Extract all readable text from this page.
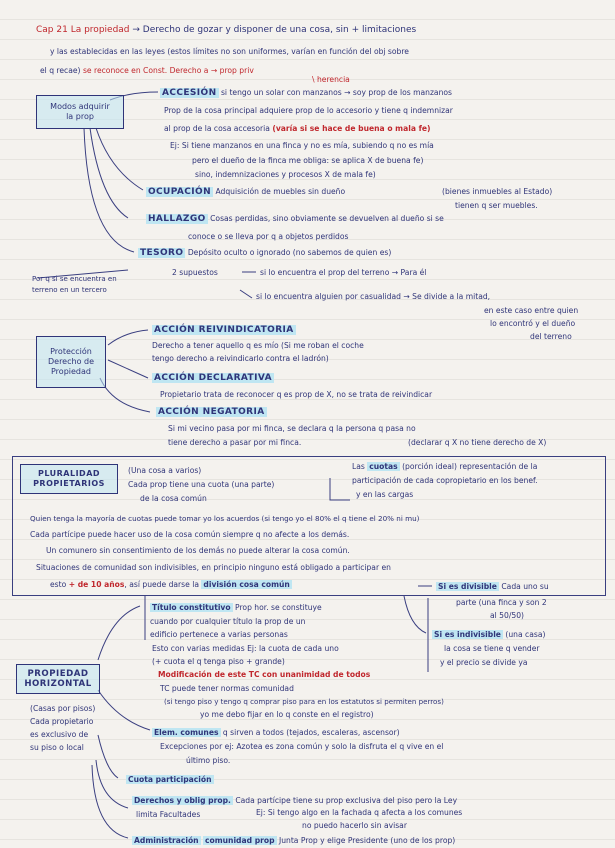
Cap 21 La propiedad → Derecho de gozar y disponer de una cosa, sin + limitaciones
y las establecidas en las leyes (estos límites no son uniformes, varían en función del obj sobre
el q recae) se reconoce en Const. Derecho a → prop priv
\ herencia
Modos adquirir
la prop
ACCESIÓN si tengo un solar con manzanos → soy prop de los manzanos
Prop de la cosa principal adquiere prop de lo accesorio y tiene q indemnizar
al prop de la cosa accesoria (varía si se hace de buena o mala fe)
Ej: Si tiene manzanos en una finca y no es mía, subiendo q no es mía
pero el dueño de la finca me obliga: se aplica X de buena fe)
sino, indemnizaciones y procesos X de mala fe)
OCUPACIÓN Adquisición de muebles sin dueño	(bienes inmuebles al Estado)
tienen q ser muebles.
HALLAZGO Cosas perdidas, sino obviamente se devuelven al dueño si se
conoce o se lleva por q a objetos perdidos
TESORO Depósito oculto o ignorado (no sabemos de quien es)
Por q si se encuentra en
terreno en un tercero
2 supuestos	si lo encuentra el prop del terreno → Para él
si lo encuentra alguien por casualidad → Se divide a la mitad,
en este caso entre quien
lo encontró y el dueño
del terreno
Protección
Derecho de
Propiedad
ACCIÓN REIVINDICATORIA
Derecho a tener aquello q es mío (Si me roban el coche
tengo derecho a reivindicarlo contra el ladrón)
ACCIÓN DECLARATIVA
Propietario trata de reconocer q es prop de X, no se trata de reivindicar
ACCIÓN NEGATORIA
Si mi vecino pasa por mi finca, se declara q la persona q pasa no
tiene derecho a pasar por mi finca.	(declarar q X no tiene derecho de X)
PLURALIDAD
PROPIETARIOS
(Una cosa a varios)
Cada prop tiene una cuota (una parte)
de la cosa común
Las cuotas (porción ideal) representación de la
participación de cada copropietario en los benef.
y en las cargas
Quien tenga la mayoría de cuotas puede tomar yo los acuerdos (si tengo yo el 80% el q tiene el 20% ni mu)
Cada partícipe puede hacer uso de la cosa común siempre q no afecte a los demás.
Un comunero sin consentimiento de los demás no puede alterar la cosa común.
Situaciones de comunidad son indivisibles, en principio ninguno está obligado a participar en
esto + de 10 años, así puede darse la división cosa común	Si es divisible Cada uno su
parte (una finca y son 2
al 50/50)
Si es indivisible (una casa)
la cosa se tiene q vender
y el precio se divide ya
PROPIEDAD
HORIZONTAL
(Casas por pisos)
Cada propietario
es exclusivo de
su piso o local
Título constitutivo Prop hor. se constituye
cuando por cualquier título la prop de un
edificio pertenece a varias personas
Esto con varias medidas Ej: la cuota de cada uno
(+ cuota el q tenga piso + grande)
Modificación de este TC con unanimidad de todos
TC puede tener normas comunidad
(si tengo piso y tengo q comprar piso para en los estatutos si permiten perros)
yo me debo fijar en lo q conste en el registro)
Elem. comunes q sirven a todos (tejados, escaleras, ascensor)
Excepciones por ej: Azotea es zona común y solo la disfruta el q vive en el
último piso.
Cuota participación
Derechos y oblig prop. Cada partícipe tiene su prop exclusiva del piso pero la Ley
limita Facultades	Ej: Si tengo algo en la fachada q afecta a los comunes
no puedo hacerlo sin avisar
Administración comunidad prop Junta Prop y elige Presidente (uno de los prop)
